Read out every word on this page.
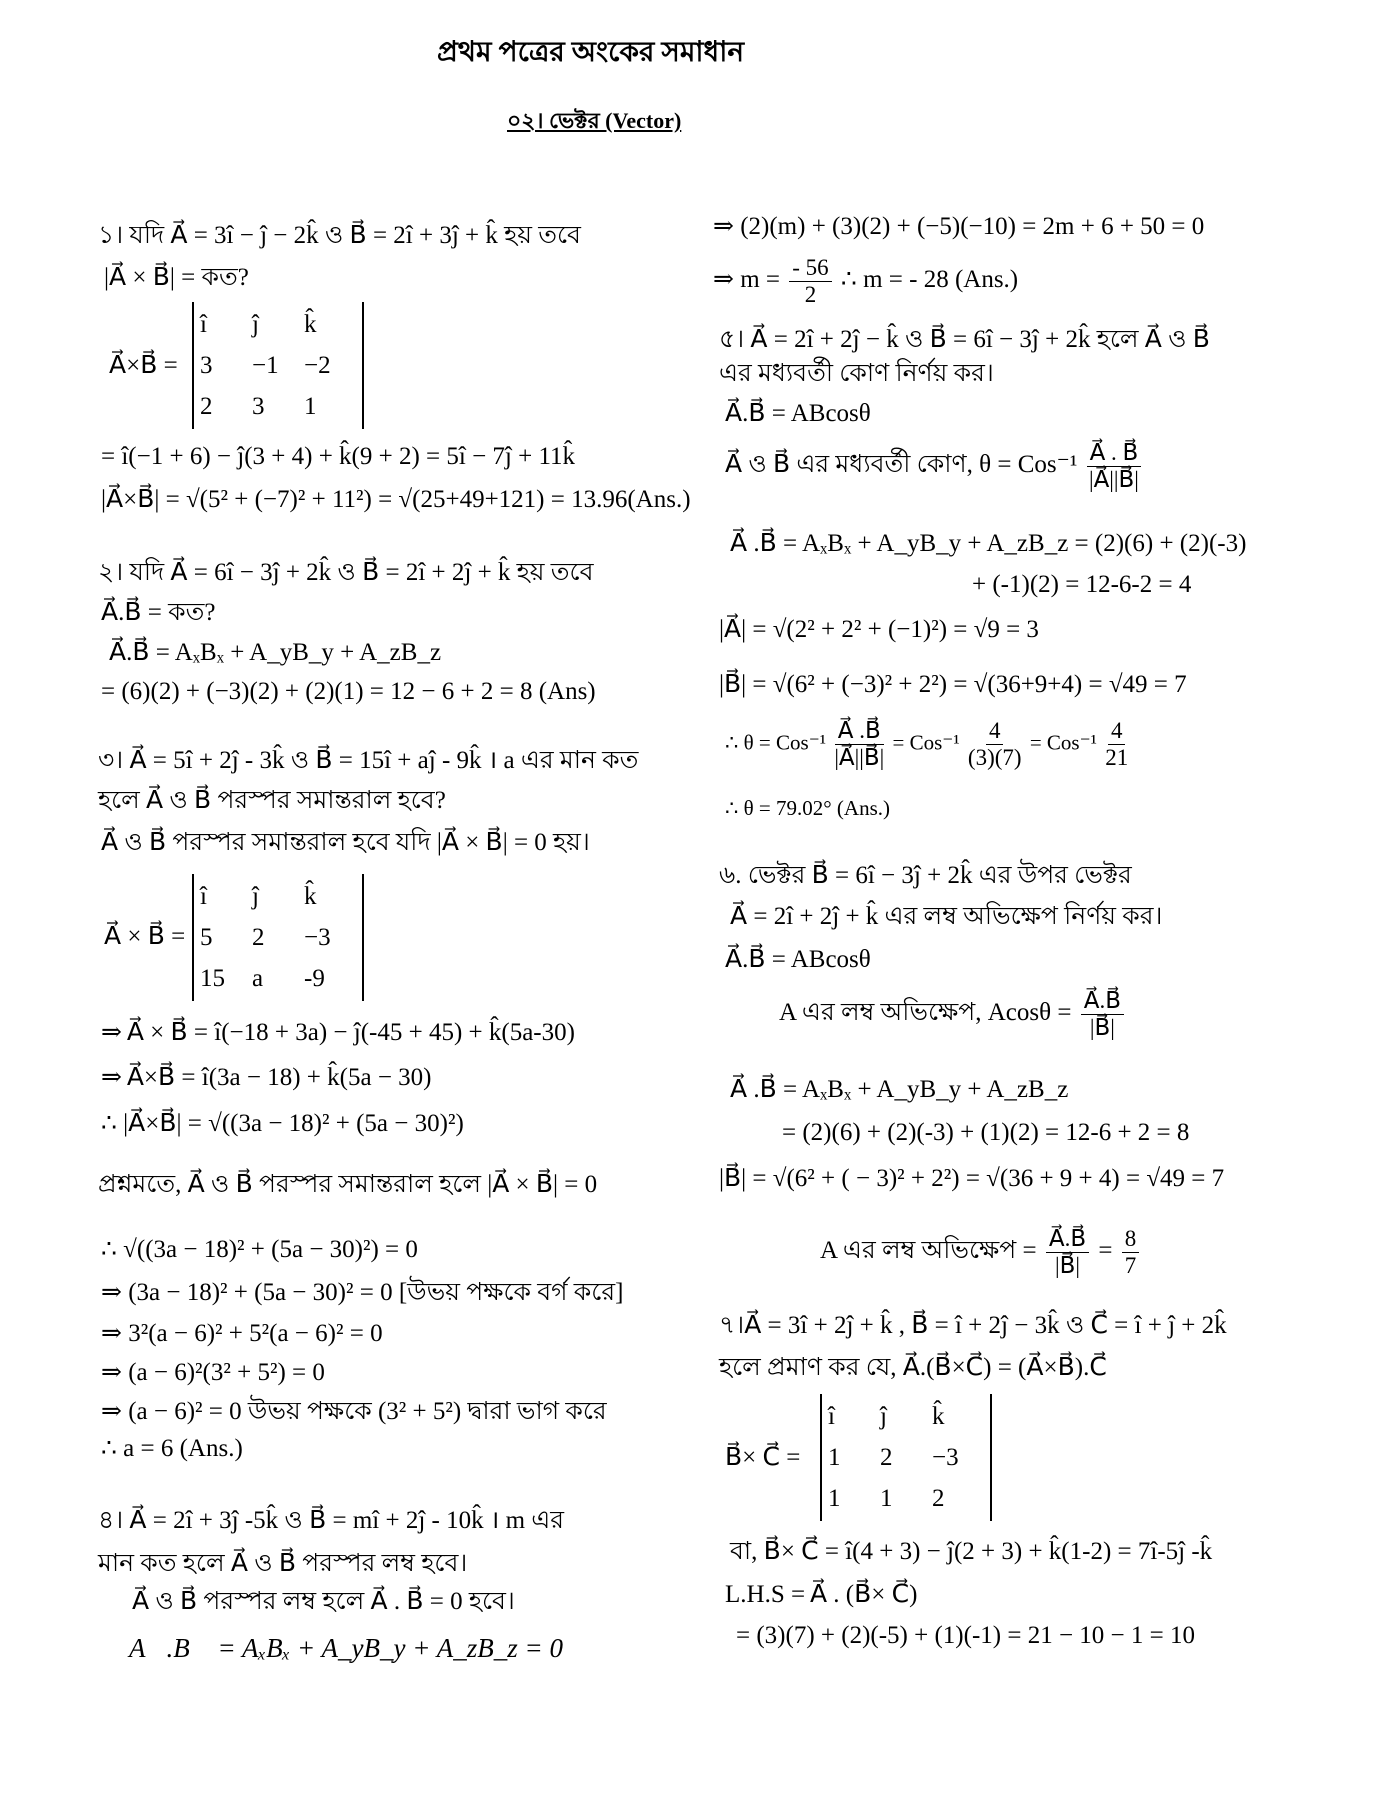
প্রথম পত্রের অংকের সমাধান
০২। ভেক্টর (Vector)
১। যদি A⃗ = 3î − ĵ − 2k̂ ও B⃗ = 2î + 3ĵ + k̂ হয় তবে
|A⃗ × B⃗| = কত?
A⃗×B⃗ =
î	ĵ	k̂
3	−1	−2
2	3	1
= î(−1 + 6) − ĵ(3 + 4) + k̂(9 + 2) = 5î − 7ĵ + 11k̂
|A⃗×B⃗| = √(5² + (−7)² + 11²) = √(25+49+121) = 13.96(Ans.)
২। যদি A⃗ = 6î − 3ĵ + 2k̂ ও B⃗ = 2î + 2ĵ + k̂ হয় তবে
A⃗.B⃗ = কত?
A⃗.B⃗ = AₓBₓ + A_yB_y + A_zB_z
= (6)(2) + (−3)(2) + (2)(1) = 12 − 6 + 2 = 8 (Ans)
৩। A⃗ = 5î + 2ĵ - 3k̂ ও B⃗ = 15î + aĵ - 9k̂ । a এর মান কত
হলে A⃗ ও B⃗ পরস্পর সমান্তরাল হবে?
A⃗ ও B⃗ পরস্পর সমান্তরাল হবে যদি |A⃗ × B⃗| = 0 হয়।
A⃗ × B⃗ =
î	ĵ	k̂
5	2	−3
15	a	-9
⇒ A⃗ × B⃗ = î(−18 + 3a) − ĵ(-45 + 45) + k̂(5a-30)
⇒ A⃗×B⃗ = î(3a − 18) + k̂(5a − 30)
∴ |A⃗×B⃗| = √((3a − 18)² + (5a − 30)²)
প্রশ্নমতে, A⃗ ও B⃗ পরস্পর সমান্তরাল হলে |A⃗ × B⃗| = 0
∴ √((3a − 18)² + (5a − 30)²) = 0
⇒ (3a − 18)² + (5a − 30)² = 0 [উভয় পক্ষকে বর্গ করে]
⇒ 3²(a − 6)² + 5²(a − 6)² = 0
⇒ (a − 6)²(3² + 5²) = 0
⇒ (a − 6)² = 0 উভয় পক্ষকে (3² + 5²) দ্বারা ভাগ করে
∴ a = 6 (Ans.)
৪। A⃗ = 2î + 3ĵ -5k̂ ও B⃗ = mî + 2ĵ - 10k̂ । m এর
মান কত হলে A⃗ ও B⃗ পরস্পর লম্ব হবে।
A⃗ ও B⃗ পরস্পর লম্ব হলে A⃗ . B⃗ = 0 হবে।
A⃗.B⃗ = AₓBₓ + A_yB_y + A_zB_z = 0
⇒ (2)(m) + (3)(2) + (−5)(−10) = 2m + 6 + 50 = 0
⇒ $m = \frac{- 56}{2}$ ∴ m = - 28 (Ans.)
৫। A⃗ = 2î + 2ĵ − k̂ ও B⃗ = 6î − 3ĵ + 2k̂ হলে A⃗ ও B⃗
এর মধ্যবর্তী কোণ নির্ণয় কর।
A⃗.B⃗ = ABcosθ
A⃗ ও B⃗ এর মধ্যবর্তী কোণ, $\theta = Cos^{-1} \frac{A⃗ . B⃗}{|A⃗||B⃗|}$
A⃗ .B⃗ = AₓBₓ + A_yB_y + A_zB_z = (2)(6) + (2)(-3)
+ (-1)(2) = 12-6-2 = 4
|A⃗| = √(2² + 2² + (−1)²) = √9 = 3
|B⃗| = √(6² + (−3)² + 2²) = √(36+9+4) = √49 = 7
∴ $\theta = Cos^{-1} \frac{A⃗ .B⃗}{|A⃗||B⃗|} = Cos^{-1} \frac{4}{(3)(7)} = Cos^{-1} \frac{4}{21}$
∴ θ = 79.02° (Ans.)
৬. ভেক্টর B⃗ = 6î − 3ĵ + 2k̂ এর উপর ভেক্টর
A⃗ = 2î + 2ĵ + k̂ এর লম্ব অভিক্ষেপ নির্ণয় কর।
A⃗.B⃗ = ABcosθ
A এর লম্ব অভিক্ষেপ, $Acos\theta = \frac{A⃗.B⃗}{|B⃗|}$
A⃗ .B⃗ = AₓBₓ + A_yB_y + A_zB_z
= (2)(6) + (2)(-3) + (1)(2) = 12-6 + 2 = 8
|B⃗| = √(6² + ( − 3)² + 2²) = √(36 + 9 + 4) = √49 = 7
A এর লম্ব অভিক্ষেপ = $\frac{A⃗.B⃗}{|B⃗|} = \frac{8}{7}$
৭।A⃗ = 3î + 2ĵ + k̂ , B⃗ = î + 2ĵ − 3k̂ ও C⃗ = î + ĵ + 2k̂
হলে প্রমাণ কর যে, A⃗.(B⃗×C⃗) = (A⃗×B⃗).C⃗
B⃗× C⃗ =
î	ĵ	k̂
1	2	−3
1	1	2
বা, B⃗× C⃗ = î(4 + 3) − ĵ(2 + 3) + k̂(1-2) = 7î-5ĵ -k̂
L.H.S = A⃗ . (B⃗× C⃗)
= (3)(7) + (2)(-5) + (1)(-1) = 21 − 10 − 1 = 10
